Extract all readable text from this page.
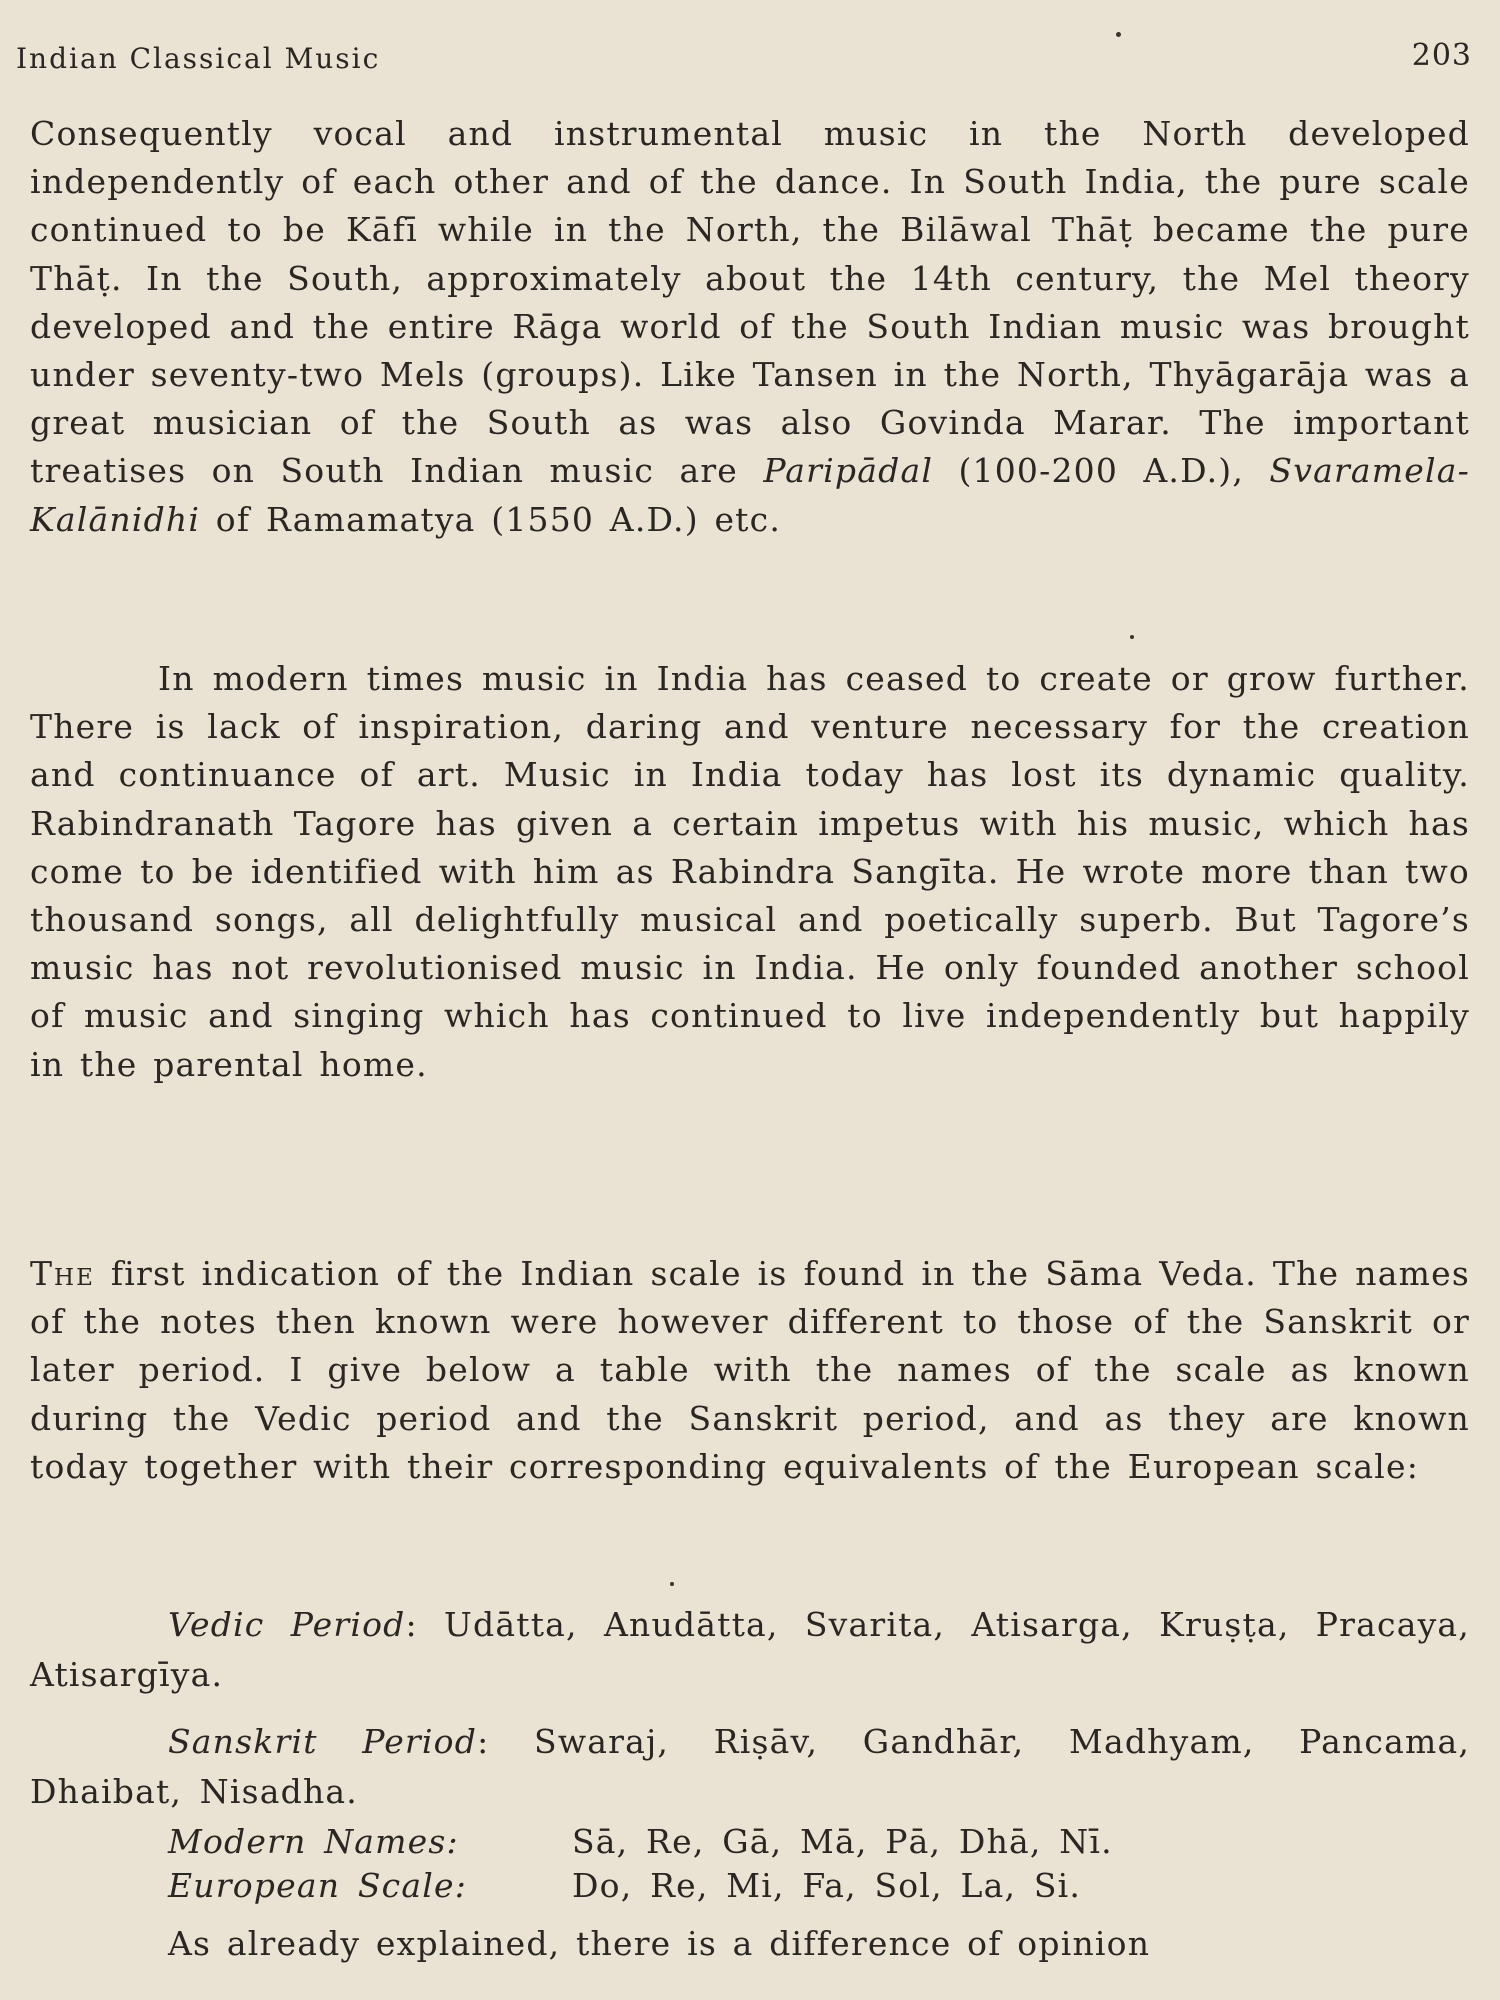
Indian Classical Music	203
Consequently vocal and instrumental music in the North developed independently of each other and of the dance. In South India, the pure scale continued to be Kāfī while in the North, the Bilāwal Thāṭ became the pure Thāṭ. In the South, approximately about the 14th century, the Mel theory developed and the entire Rāga world of the South Indian music was brought under seventy-two Mels (groups). Like Tansen in the North, Thyāgarāja was a great musician of the South as was also Govinda Marar. The important treatises on South Indian music are Paripādal (100-200 A.D.), Svaramela-Kalānidhi of Ramamatya (1550 A.D.) etc.
In modern times music in India has ceased to create or grow further. There is lack of inspiration, daring and venture necessary for the creation and continuance of art. Music in India today has lost its dynamic quality. Rabindranath Tagore has given a certain impetus with his music, which has come to be identified with him as Rabindra Sangīta. He wrote more than two thousand songs, all delightfully musical and poetically superb. But Tagore’s music has not revolutionised music in India. He only founded another school of music and singing which has continued to live independently but happily in the parental home.
The first indication of the Indian scale is found in the Sāma Veda. The names of the notes then known were however different to those of the Sanskrit or later period. I give below a table with the names of the scale as known during the Vedic period and the Sanskrit period, and as they are known today together with their corresponding equivalents of the European scale:
Vedic Period: Udātta, Anudātta, Svarita, Atisarga, Kruṣṭa, Pracaya, Atisargīya.
Sanskrit Period: Swaraj, Riṣāv, Gandhār, Madhyam, Pancama, Dhaibat, Nisadha.
Modern Names:	Sā, Re, Gā, Mā, Pā, Dhā, Nī.
European Scale:	Do, Re, Mi, Fa, Sol, La, Si.
As already explained, there is a difference of opinion
